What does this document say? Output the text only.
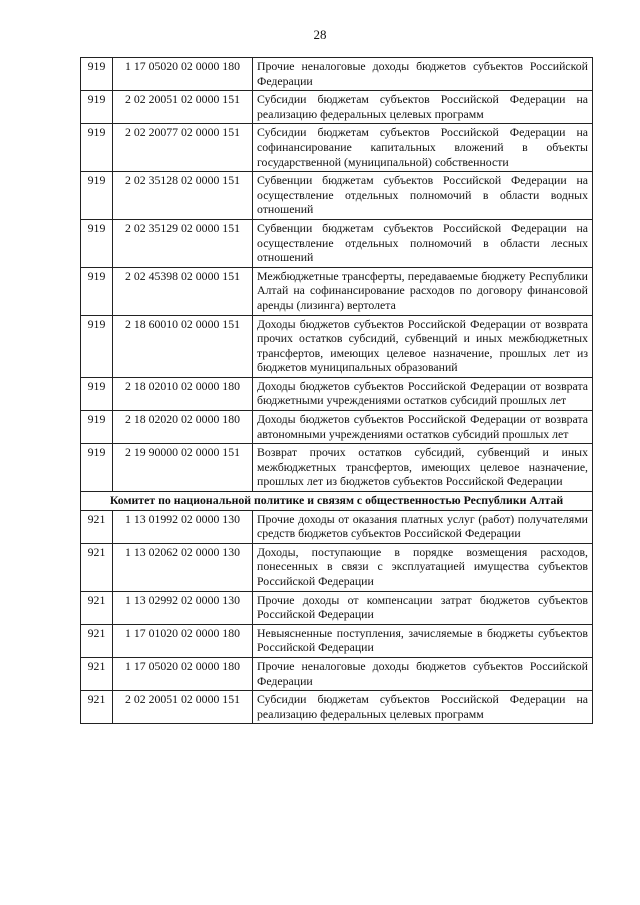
28
919	1 17 05020 02 0000 180	Прочие неналоговые доходы бюджетов субъектов Российской Федерации
919	2 02 20051 02 0000 151	Субсидии бюджетам субъектов Российской Федерации на реализацию федеральных целевых программ
919	2 02 20077 02 0000 151	Субсидии бюджетам субъектов Российской Федерации на софинансирование капитальных вложений в объекты государственной (муниципальной) собственности
919	2 02 35128 02 0000 151	Субвенции бюджетам субъектов Российской Федерации на осуществление отдельных полномочий в области водных отношений
919	2 02 35129 02 0000 151	Субвенции бюджетам субъектов Российской Федерации на осуществление отдельных полномочий в области лесных отношений
919	2 02 45398 02 0000 151	Межбюджетные трансферты, передаваемые бюджету Республики Алтай на софинансирование расходов по договору финансовой аренды (лизинга) вертолета
919	2 18 60010 02 0000 151	Доходы бюджетов субъектов Российской Федерации от возврата прочих остатков субсидий, субвенций и иных межбюджетных трансфертов, имеющих целевое назначение, прошлых лет из бюджетов муниципальных образований
919	2 18 02010 02 0000 180	Доходы бюджетов субъектов Российской Федерации от возврата бюджетными учреждениями остатков субсидий прошлых лет
919	2 18 02020 02 0000 180	Доходы бюджетов субъектов Российской Федерации от возврата автономными учреждениями остатков субсидий прошлых лет
919	2 19 90000 02 0000 151	Возврат прочих остатков субсидий, субвенций и иных межбюджетных трансфертов, имеющих целевое назначение, прошлых лет из бюджетов субъектов Российской Федерации
Комитет по национальной политике и связям с общественностью Республики Алтай		
921	1 13 01992 02 0000 130	Прочие доходы от оказания платных услуг (работ) получателями средств бюджетов субъектов Российской Федерации
921	1 13 02062 02 0000 130	Доходы, поступающие в порядке возмещения расходов, понесенных в связи с эксплуатацией имущества субъектов Российской Федерации
921	1 13 02992 02 0000 130	Прочие доходы от компенсации затрат бюджетов субъектов Российской Федерации
921	1 17 01020 02 0000 180	Невыясненные поступления, зачисляемые в бюджеты субъектов Российской Федерации
921	1 17 05020 02 0000 180	Прочие неналоговые доходы бюджетов субъектов Российской Федерации
921	2 02 20051 02 0000 151	Субсидии бюджетам субъектов Российской Федерации на реализацию федеральных целевых программ
